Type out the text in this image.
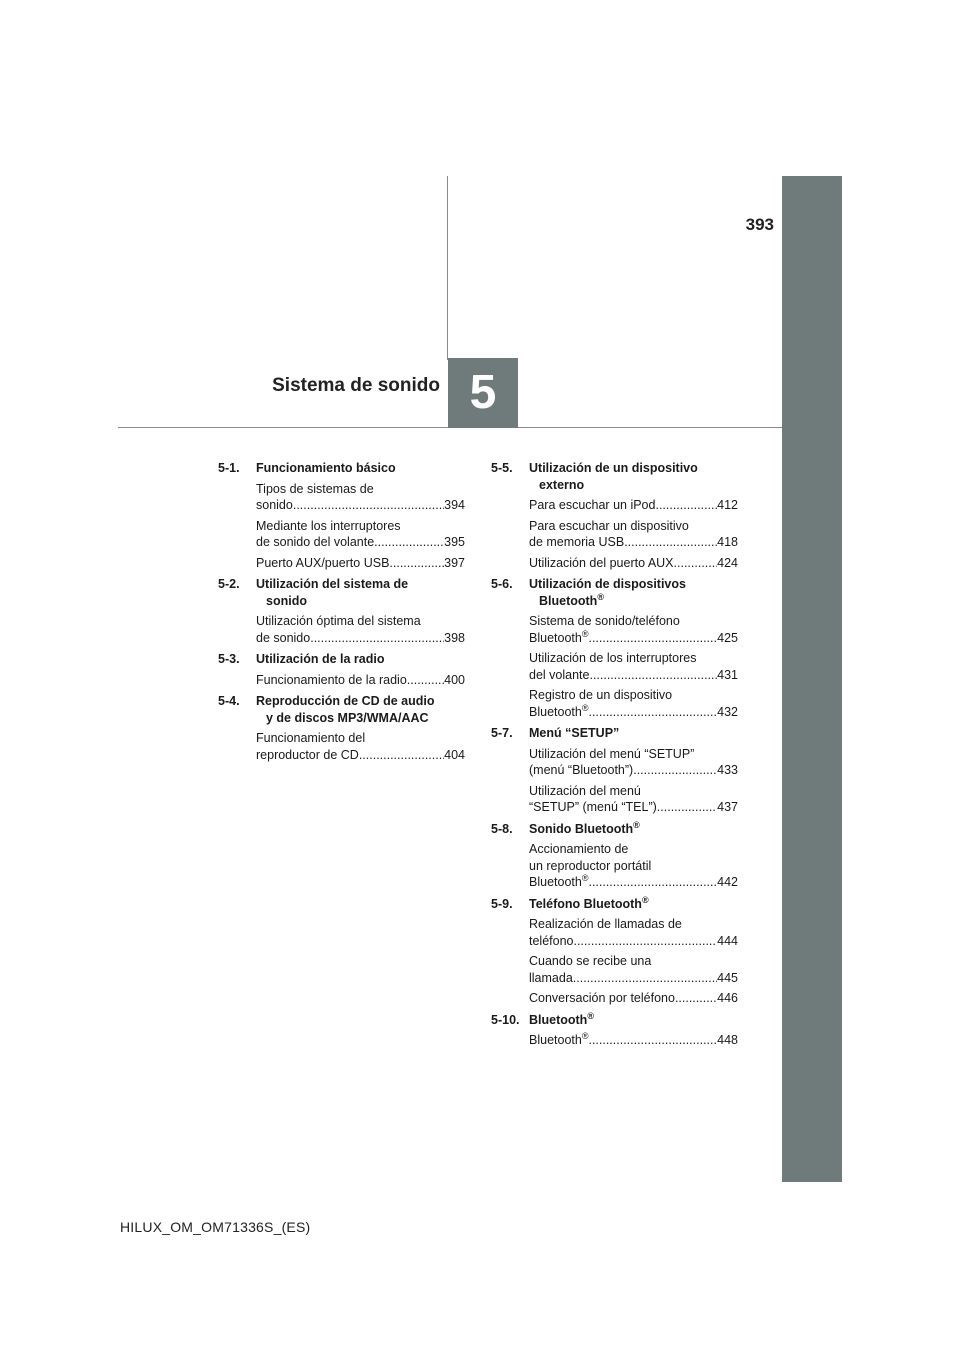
5
Sistema de sonido
393
5-1.	Funcionamiento básico
Tipos de sistemas de
sonido .....	394
Mediante los interruptores
de sonido del volante .....	395
Puerto AUX/puerto USB .....	397
5-2.	Utilización del sistema de
sonido
Utilización óptima del sistema
de sonido .....	398
5-3.	Utilización de la radio
Funcionamiento de la radio .....	400
5-4.	Reproducción de CD de audio
y de discos MP3/WMA/AAC
Funcionamiento del
reproductor de CD .....	404
5-5.	Utilización de un dispositivo
externo
Para escuchar un iPod .....	412
Para escuchar un dispositivo
de memoria USB .....	418
Utilización del puerto AUX .....	424
5-6.	Utilización de dispositivos
Bluetooth®
Sistema de sonido/teléfono
Bluetooth® .....	425
Utilización de los interruptores
del volante .....	431
Registro de un dispositivo
Bluetooth® .....	432
5-7.	Menú “SETUP”
Utilización del menú “SETUP”
(menú “Bluetooth”) .....	433
Utilización del menú
“SETUP” (menú “TEL”) .....	437
5-8.	Sonido Bluetooth®
Accionamiento de
un reproductor portátil
Bluetooth® .....	442
5-9.	Teléfono Bluetooth®
Realización de llamadas de
teléfono .....	444
Cuando se recibe una
llamada .....	445
Conversación por teléfono .....	446
5-10. Bluetooth®
Bluetooth® .....	448
HILUX_OM_OM71336S_(ES)
